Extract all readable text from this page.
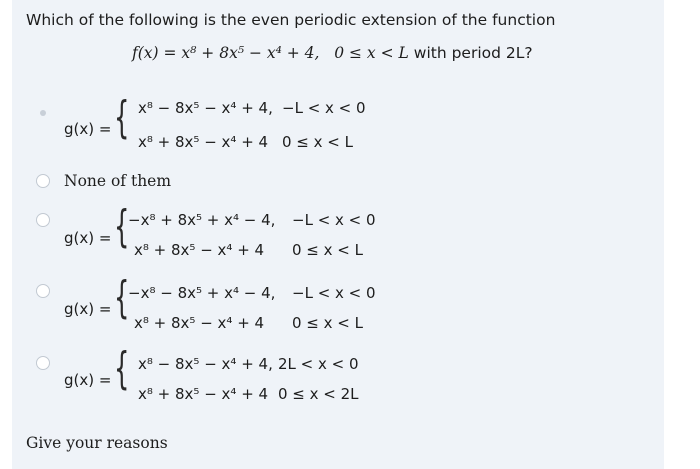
Which of the following is the even periodic extension of the function
f(x) = x⁸ + 8x⁵ − x⁴ + 4, 0 ≤ x < L with period 2L?
g(x) = { x⁸ − 8x⁵ − x⁴ + 4, −L < x < 0
x⁸ + 8x⁵ − x⁴ + 4 0 ≤ x < L
None of them
g(x) = {
−x⁸ + 8x⁵ + x⁴ − 4, −L < x < 0
x⁸ + 8x⁵ − x⁴ + 4 0 ≤ x < L
g(x) = {
−x⁸ − 8x⁵ + x⁴ − 4, −L < x < 0
x⁸ + 8x⁵ − x⁴ + 4 0 ≤ x < L
g(x) = { x⁸ − 8x⁵ − x⁴ + 4, 2L < x < 0
x⁸ + 8x⁵ − x⁴ + 4 0 ≤ x < 2L
Give your reasons
